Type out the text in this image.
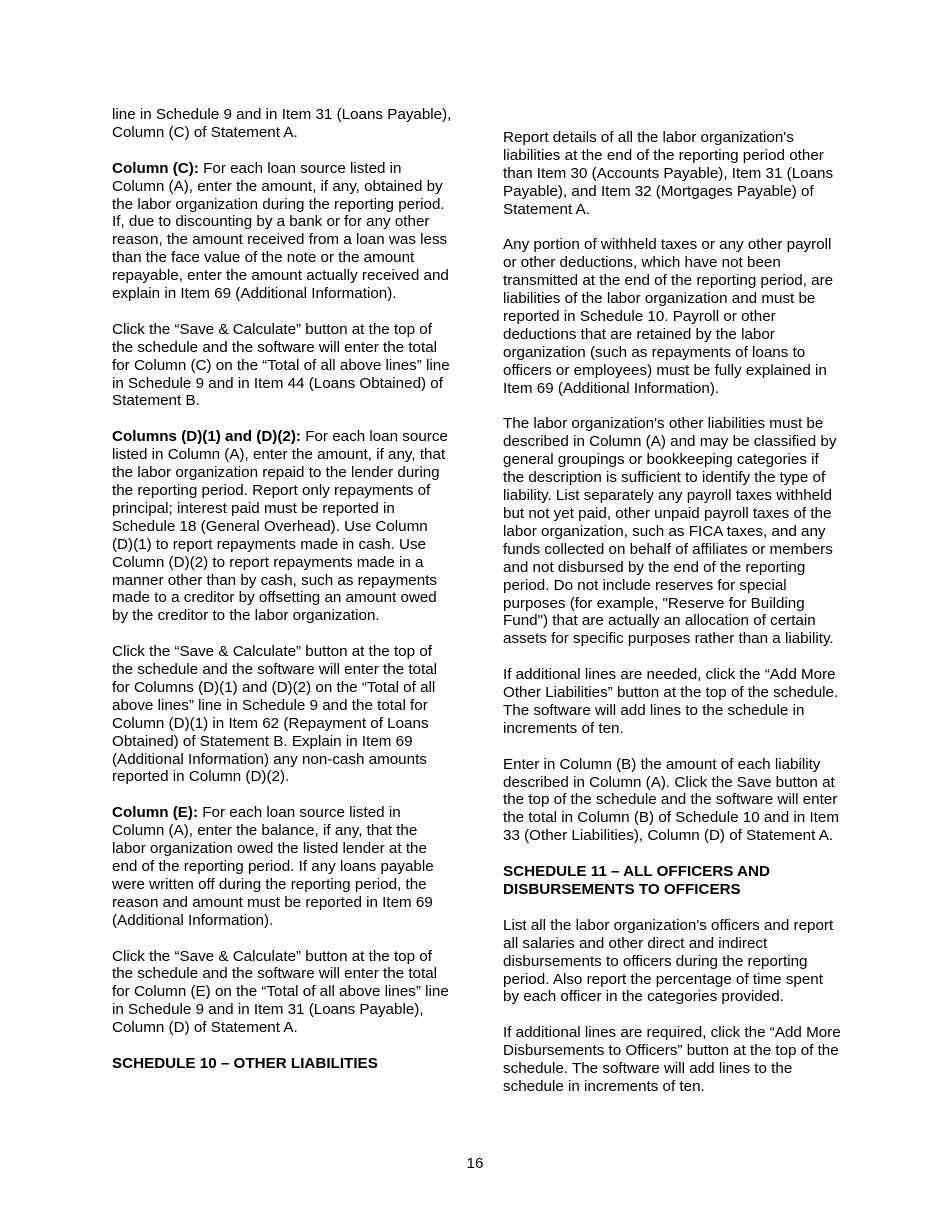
line in Schedule 9 and in Item 31 (Loans Payable), Column (C) of Statement A.

Column (C): For each loan source listed in Column (A), enter the amount, if any, obtained by the labor organization during the reporting period. If, due to discounting by a bank or for any other reason, the amount received from a loan was less than the face value of the note or the amount repayable, enter the amount actually received and explain in Item 69 (Additional Information).

Click the “Save & Calculate” button at the top of the schedule and the software will enter the total for Column (C) on the “Total of all above lines” line in Schedule 9 and in Item 44 (Loans Obtained) of Statement B.

Columns (D)(1) and (D)(2): For each loan source listed in Column (A), enter the amount, if any, that the labor organization repaid to the lender during the reporting period. Report only repayments of principal; interest paid must be reported in Schedule 18 (General Overhead). Use Column (D)(1) to report repayments made in cash. Use Column (D)(2) to report repayments made in a manner other than by cash, such as repayments made to a creditor by offsetting an amount owed by the creditor to the labor organization.

Click the “Save & Calculate” button at the top of the schedule and the software will enter the total for Columns (D)(1) and (D)(2) on the “Total of all above lines” line in Schedule 9 and the total for Column (D)(1) in Item 62 (Repayment of Loans Obtained) of Statement B. Explain in Item 69 (Additional Information) any non-cash amounts reported in Column (D)(2).

Column (E): For each loan source listed in Column (A), enter the balance, if any, that the labor organization owed the listed lender at the end of the reporting period. If any loans payable were written off during the reporting period, the reason and amount must be reported in Item 69 (Additional Information).

Click the “Save & Calculate” button at the top of the schedule and the software will enter the total for Column (E) on the “Total of all above lines” line in Schedule 9 and in Item 31 (Loans Payable), Column (D) of Statement A.

SCHEDULE 10 – OTHER LIABILITIES

Report details of all the labor organization's liabilities at the end of the reporting period other than Item 30 (Accounts Payable), Item 31 (Loans Payable), and Item 32 (Mortgages Payable) of Statement A.

Any portion of withheld taxes or any other payroll or other deductions, which have not been transmitted at the end of the reporting period, are liabilities of the labor organization and must be reported in Schedule 10. Payroll or other deductions that are retained by the labor organization (such as repayments of loans to officers or employees) must be fully explained in Item 69 (Additional Information).

The labor organization's other liabilities must be described in Column (A) and may be classified by general groupings or bookkeeping categories if the description is sufficient to identify the type of liability. List separately any payroll taxes withheld but not yet paid, other unpaid payroll taxes of the labor organization, such as FICA taxes, and any funds collected on behalf of affiliates or members and not disbursed by the end of the reporting period. Do not include reserves for special purposes (for example, "Reserve for Building Fund") that are actually an allocation of certain assets for specific purposes rather than a liability.

If additional lines are needed, click the “Add More Other Liabilities” button at the top of the schedule. The software will add lines to the schedule in increments of ten.

Enter in Column (B) the amount of each liability described in Column (A). Click the Save button at the top of the schedule and the software will enter the total in Column (B) of Schedule 10 and in Item 33 (Other Liabilities), Column (D) of Statement A.

SCHEDULE 11 – ALL OFFICERS AND DISBURSEMENTS TO OFFICERS

List all the labor organization's officers and report all salaries and other direct and indirect disbursements to officers during the reporting period. Also report the percentage of time spent by each officer in the categories provided.

If additional lines are required, click the “Add More Disbursements to Officers” button at the top of the schedule. The software will add lines to the schedule in increments of ten.

16
